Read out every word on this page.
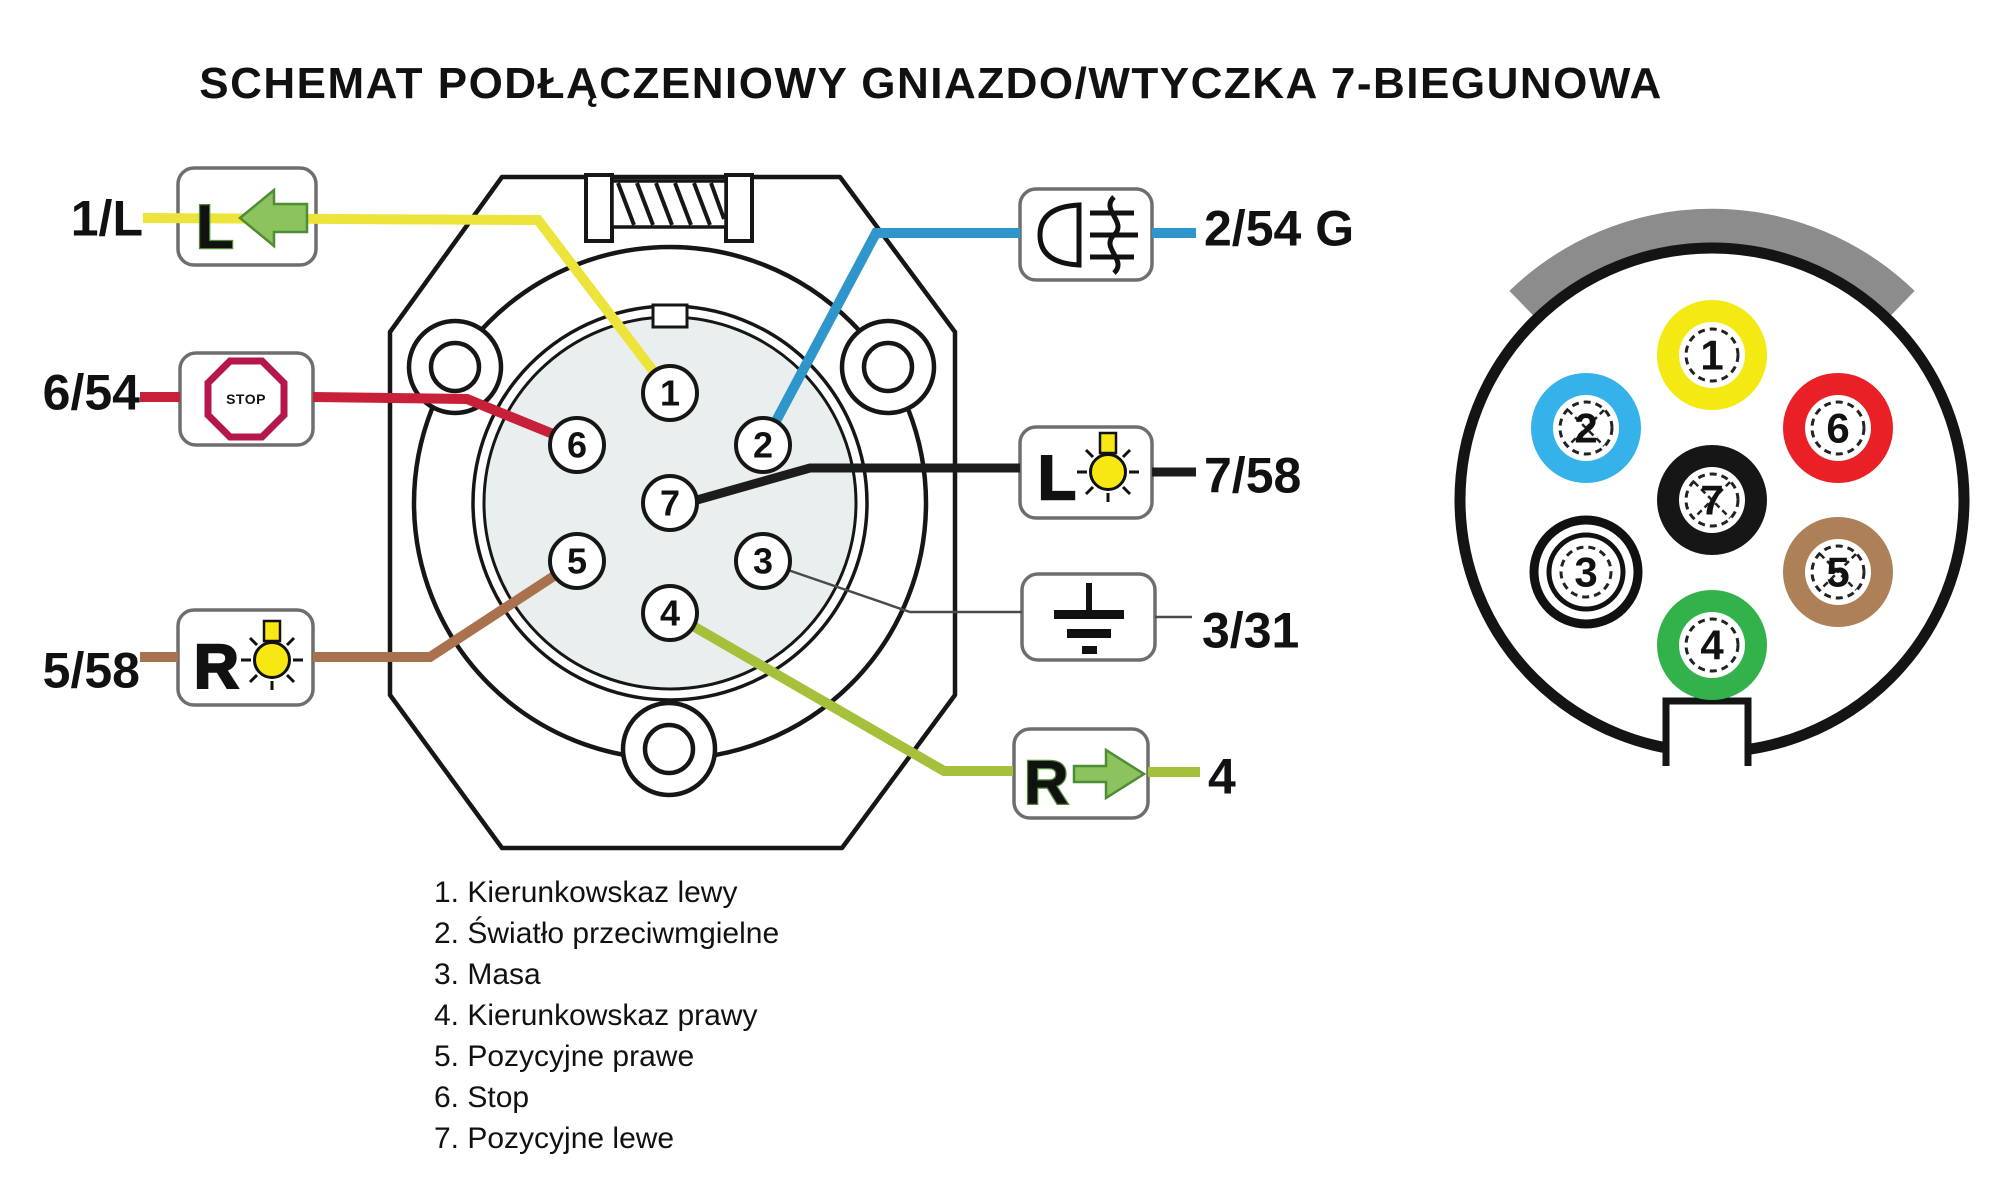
SCHEMAT PODŁĄCZENIOWY GNIAZDO/WTYCZKA 7-BIEGUNOWA
1
2
6
7
3
5
4
L
STOP
R
L
R
1/L
6/54
5/58
2/54 G
7/58
3/31
4
1
2	6
7
3	5
4
1. Kierunkowskaz lewy
2. Światło przeciwmgielne
3. Masa
4. Kierunkowskaz prawy
5. Pozycyjne prawe
6. Stop
7. Pozycyjne lewe
